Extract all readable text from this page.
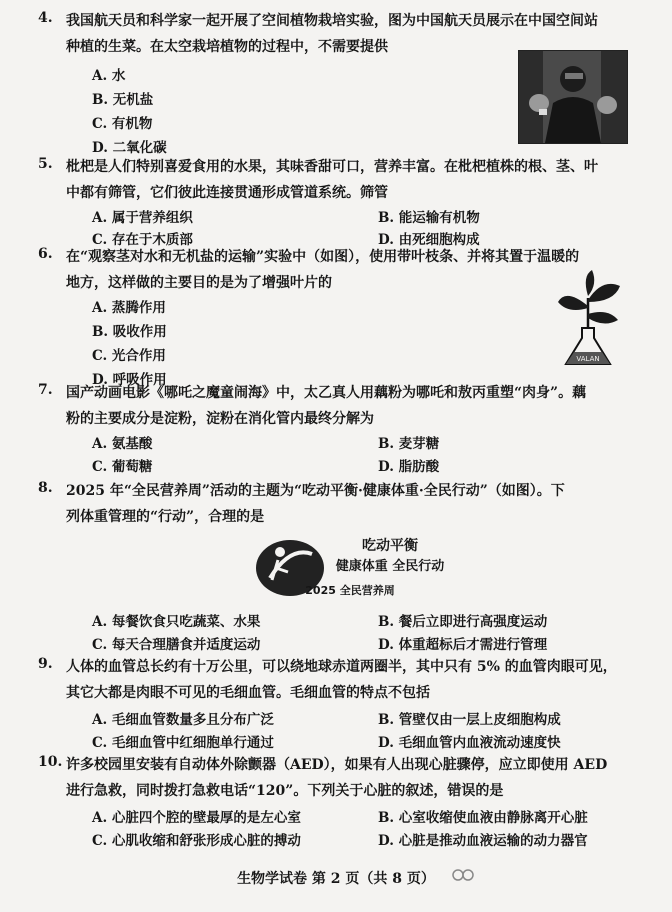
4. 我国航天员和科学家一起开展了空间植物栽培实验，图为中国航天员展示在中国空间站
种植的生菜。在太空栽培植物的过程中，不需要提供
A. 水
B. 无机盐
C. 有机物
D. 二氧化碳
5. 枇杷是人们特别喜爱食用的水果，其味香甜可口，营养丰富。在枇杷植株的根、茎、叶
中都有筛管，它们彼此连接贯通形成管道系统。筛管
A. 属于营养组织	B. 能运输有机物
C. 存在于木质部	D. 由死细胞构成
6. 在“观察茎对水和无机盐的运输”实验中（如图），使用带叶枝条、并将其置于温暖的
地方，这样做的主要目的是为了增强叶片的
A. 蒸腾作用
B. 吸收作用
C. 光合作用
D. 呼吸作用
VALAN
7. 国产动画电影《哪吒之魔童闹海》中，太乙真人用藕粉为哪吒和敖丙重塑“肉身”。藕
粉的主要成分是淀粉，淀粉在消化管内最终分解为
A. 氨基酸	B. 麦芽糖
C. 葡萄糖	D. 脂肪酸
8. 2025 年“全民营养周”活动的主题为“吃动平衡·健康体重·全民行动”（如图）。下
列体重管理的“行动”，合理的是
吃动平衡
健康体重 全民行动
2025 全民营养周
A. 每餐饮食只吃蔬菜、水果	B. 餐后立即进行高强度运动
C. 每天合理膳食并适度运动	D. 体重超标后才需进行管理
9. 人体的血管总长约有十万公里，可以绕地球赤道两圈半，其中只有 5% 的血管肉眼可见，
其它大都是肉眼不可见的毛细血管。毛细血管的特点不包括
A. 毛细血管数量多且分布广泛	B. 管壁仅由一层上皮细胞构成
C. 毛细血管中红细胞单行通过	D. 毛细血管内血液流动速度快
10. 许多校园里安装有自动体外除颤器（AED），如果有人出现心脏骤停，应立即使用 AED
进行急救，同时拨打急救电话“120”。下列关于心脏的叙述，错误的是
A. 心脏四个腔的壁最厚的是左心室	B. 心室收缩使血液由静脉离开心脏
C. 心肌收缩和舒张形成心脏的搏动	D. 心脏是推动血液运输的动力器官
生物学试卷 第 2 页（共 8 页）
